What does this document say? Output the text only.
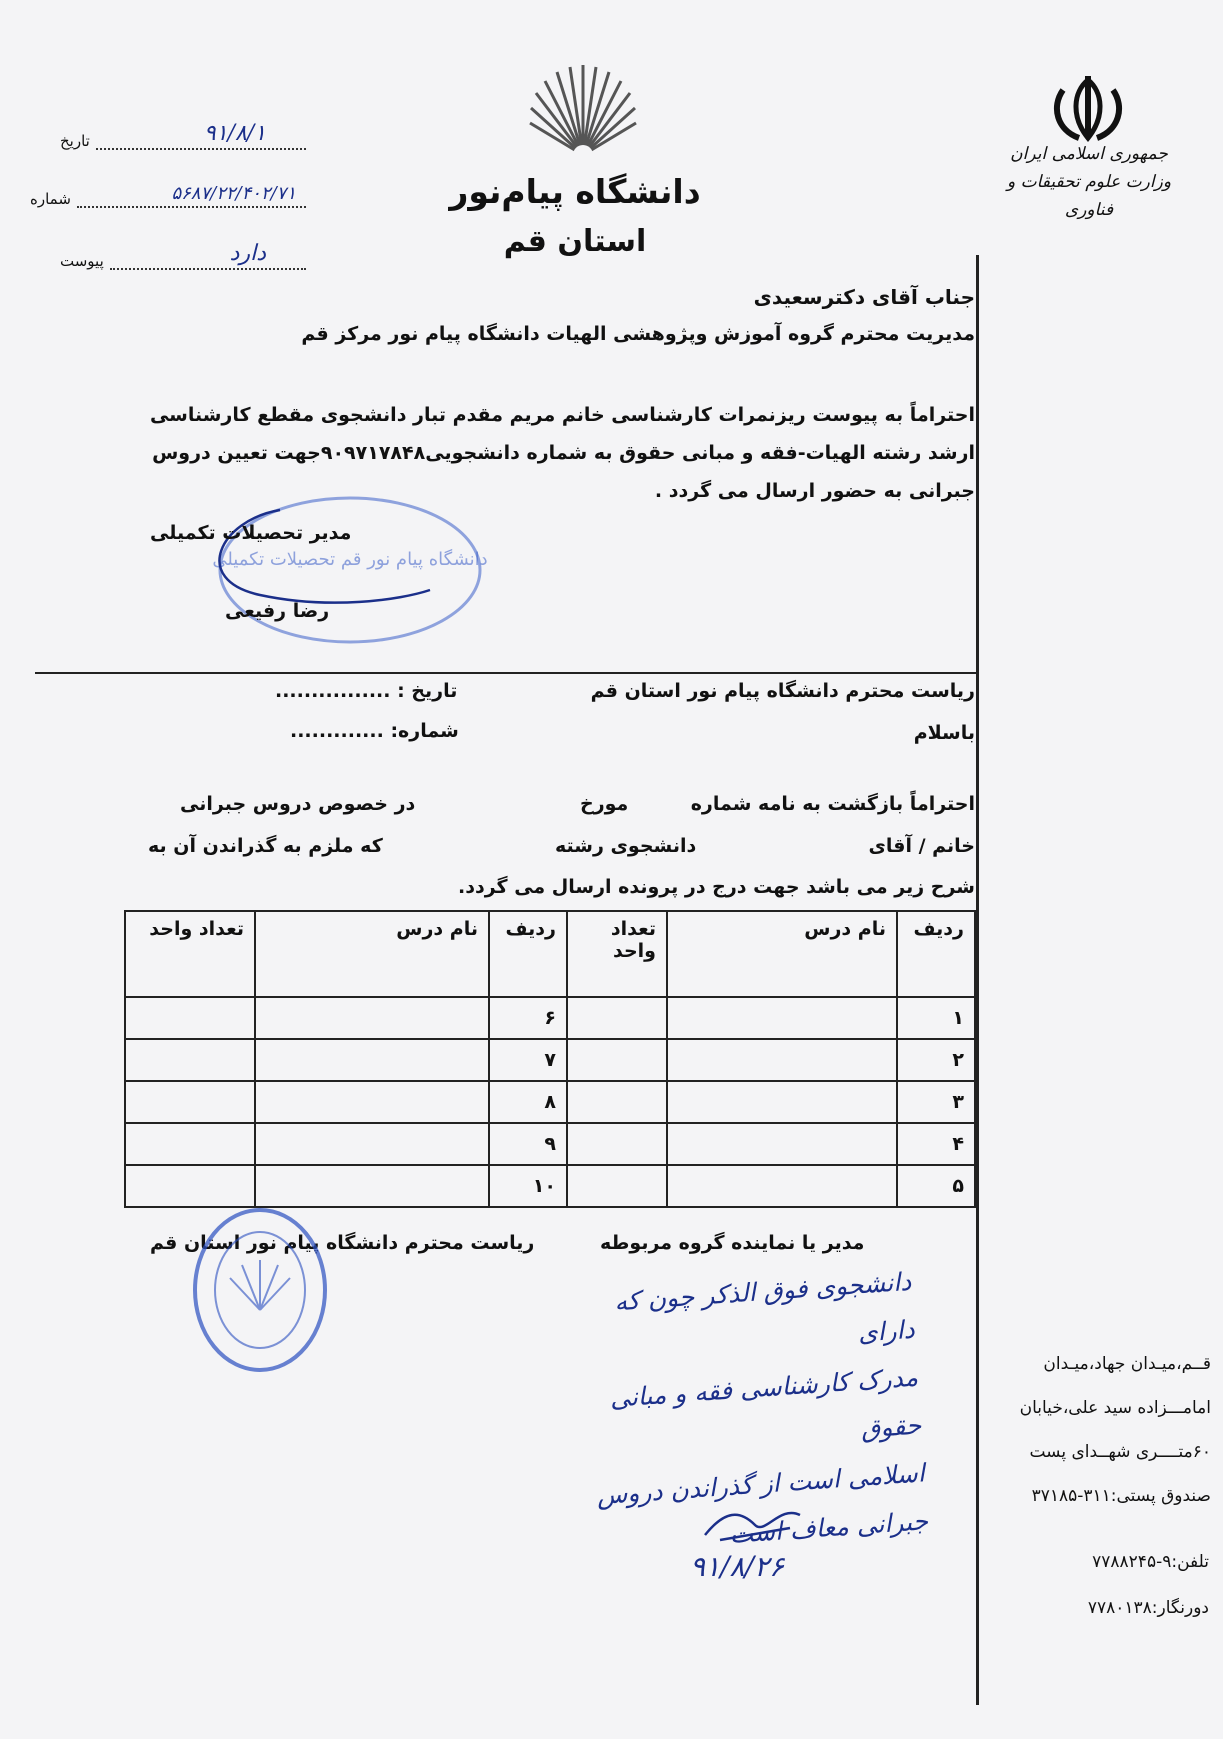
جمهوری اسلامی ایران
وزارت علوم تحقیقات و فناوری
دانشگاه پیام‌نور
استان قم
تاریخ	۹۱/۸/۱
شماره	۵۶۸۷/۲۲/۴۰۲/۷۱
پیوست	دارد
جناب آقای دکترسعیدی
مدیریت محترم گروه آموزش وپژوهشی الهیات دانشگاه پیام نور مرکز قم
احتراماً به پیوست ریزنمرات کارشناسی خانم مریم مقدم تبار دانشجوی مقطع کارشناسی ارشد رشته الهیات-فقه و مبانی حقوق به شماره دانشجویی۹۰۹۷۱۷۸۴۸جهت تعیین دروس جبرانی به حضور ارسال می گردد .
دانشگاه پیام نور قم تحصیلات تکمیلی
مدیر تحصیلات تکمیلی
رضا رفیعی
ریاست محترم دانشگاه پیام نور استان قم
باسلام
تاریخ : ................
شماره: .............
احتراماً بازگشت به نامه شماره
مورخ
در خصوص دروس جبرانی
خانم / آقای
دانشجوی رشته
که ملزم به گذراندن آن به
شرح زیر می باشد جهت درج در پرونده ارسال می گردد.
ردیف	نام درس	تعداد واحد	ردیف	نام درس	تعداد واحد
۱			۶		
۲			۷		
۳			۸		
۴			۹		
۵			۱۰		
مدیر یا نماینده گروه مربوطه
ریاست محترم دانشگاه پیام نور استان قم
دانشجوی فوق الذکر چون که دارای
مدرک کارشناسی فقه و مبانی حقوق
اسلامی است از گذراندن دروس
جبرانی معاف است
۹۱/۸/۲۶
قــم،میـدان جهاد،میـدان
امامـــزاده سید علی،خیابان
۶۰متــــری شهــدای پست
صندوق پستی:۳۱۱-۳۷۱۸۵
تلفن:۹-۷۷۸۸۲۴۵
دورنگار:۷۷۸۰۱۳۸
